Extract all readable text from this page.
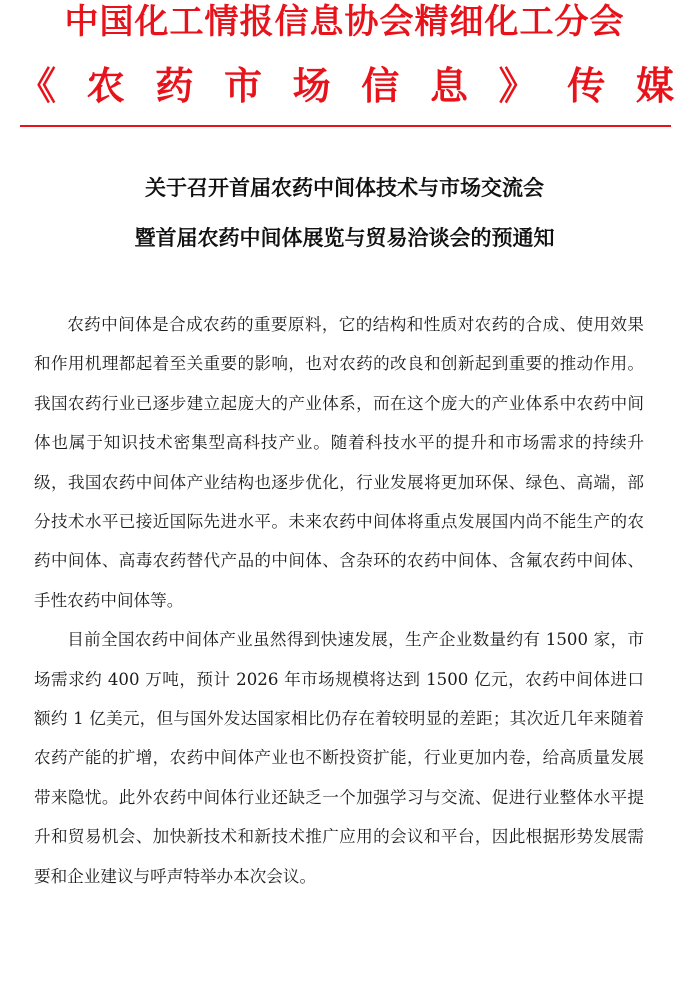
中国化工情报信息协会精细化工分会
《 农 药 市 场 信 息 》 传 媒
关于召开首届农药中间体技术与市场交流会
暨首届农药中间体展览与贸易洽谈会的预通知

农药中间体是合成农药的重要原料，它的结构和性质对农药的合成、使用效果和作用机理都起着至关重要的影响，也对农药的改良和创新起到重要的推动作用。我国农药行业已逐步建立起庞大的产业体系，而在这个庞大的产业体系中农药中间体也属于知识技术密集型高科技产业。随着科技水平的提升和市场需求的持续升级，我国农药中间体产业结构也逐步优化，行业发展将更加环保、绿色、高端，部分技术水平已接近国际先进水平。未来农药中间体将重点发展国内尚不能生产的农药中间体、高毒农药替代产品的中间体、含杂环的农药中间体、含氟农药中间体、手性农药中间体等。

目前全国农药中间体产业虽然得到快速发展，生产企业数量约有 1500 家，市场需求约 400 万吨，预计 2026 年市场规模将达到 1500 亿元，农药中间体进口额约 1 亿美元，但与国外发达国家相比仍存在着较明显的差距；其次近几年来随着农药产能的扩增，农药中间体产业也不断投资扩能，行业更加内卷，给高质量发展带来隐忧。此外农药中间体行业还缺乏一个加强学习与交流、促进行业整体水平提升和贸易机会、加快新技术和新技术推广应用的会议和平台，因此根据形势发展需要和企业建议与呼声特举办本次会议。
